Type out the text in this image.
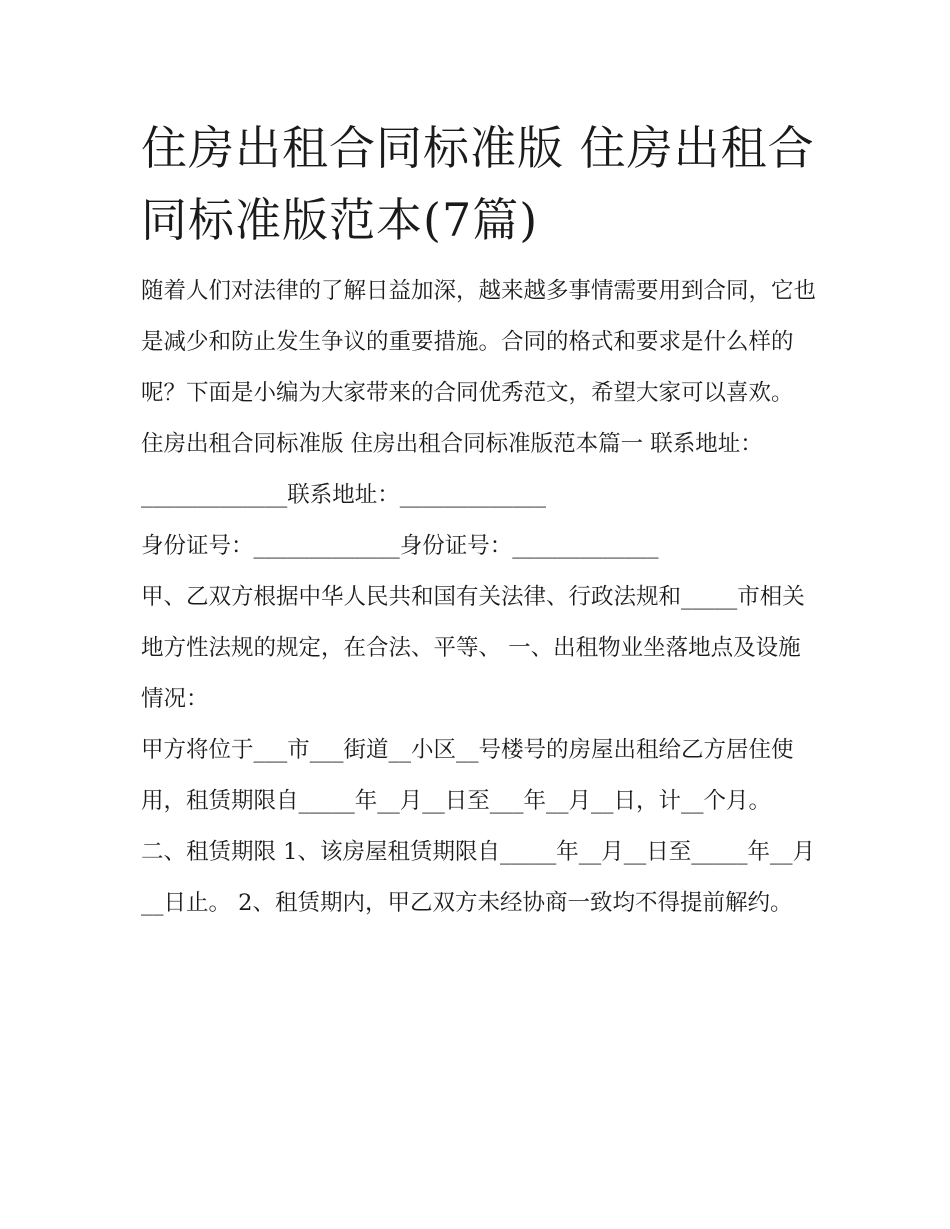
住房出租合同标准版 住房出租合同标准版范本(7篇)

随着人们对法律的了解日益加深，越来越多事情需要用到合同，它也是减少和防止发生争议的重要措施。合同的格式和要求是什么样的呢？下面是小编为大家带来的合同优秀范文，希望大家可以喜欢。

住房出租合同标准版 住房出租合同标准版范本篇一 联系地址：_____________联系地址：_____________

身份证号：_____________身份证号：_____________

甲、乙双方根据中华人民共和国有关法律、行政法规和_____市相关地方性法规的规定，在合法、平等、 一、出租物业坐落地点及设施情况：

甲方将位于___市___街道__小区__号楼号的房屋出租给乙方居住使用，租赁期限自_____年__月__日至___年__月__日，计__个月。

二、租赁期限 1、该房屋租赁期限自_____年__月__日至_____年__月__日止。 2、租赁期内，甲乙双方未经协商一致均不得提前解约。
